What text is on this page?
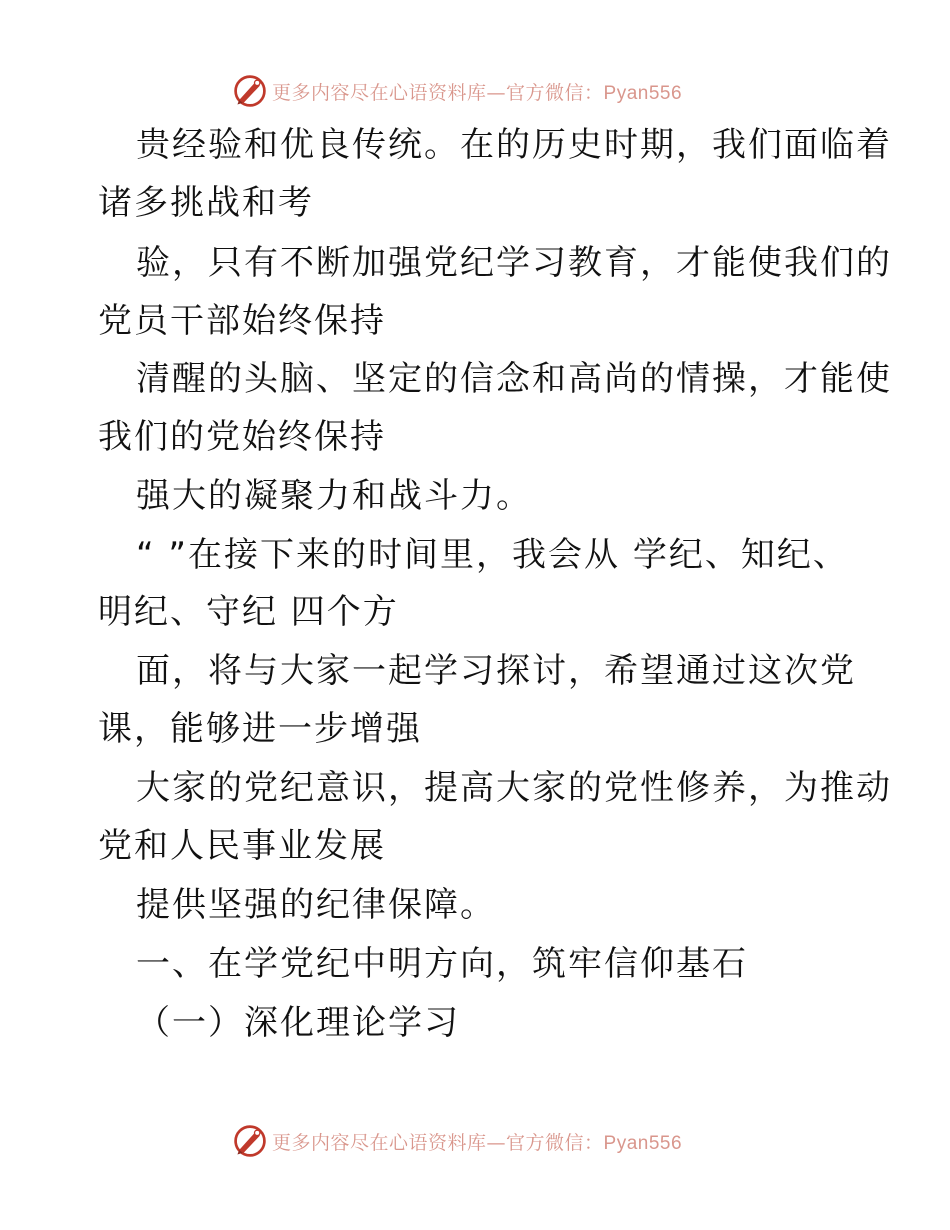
更多内容尽在心语资料库—官方微信：Pyan556

贵经验和优良传统。在的历史时期，我们面临着

诸多挑战和考

验，只有不断加强党纪学习教育，才能使我们的

党员干部始终保持

清醒的头脑、坚定的信念和高尚的情操，才能使

我们的党始终保持

强大的凝聚力和战斗力。

“ ”在接下来的时间里，我会从 学纪、知纪、

明纪、守纪 四个方

面，将与大家一起学习探讨，希望通过这次党

课，能够进一步增强

大家的党纪意识，提高大家的党性修养，为推动

党和人民事业发展

提供坚强的纪律保障。

一、在学党纪中明方向，筑牢信仰基石

（一）深化理论学习

更多内容尽在心语资料库—官方微信：Pyan556
